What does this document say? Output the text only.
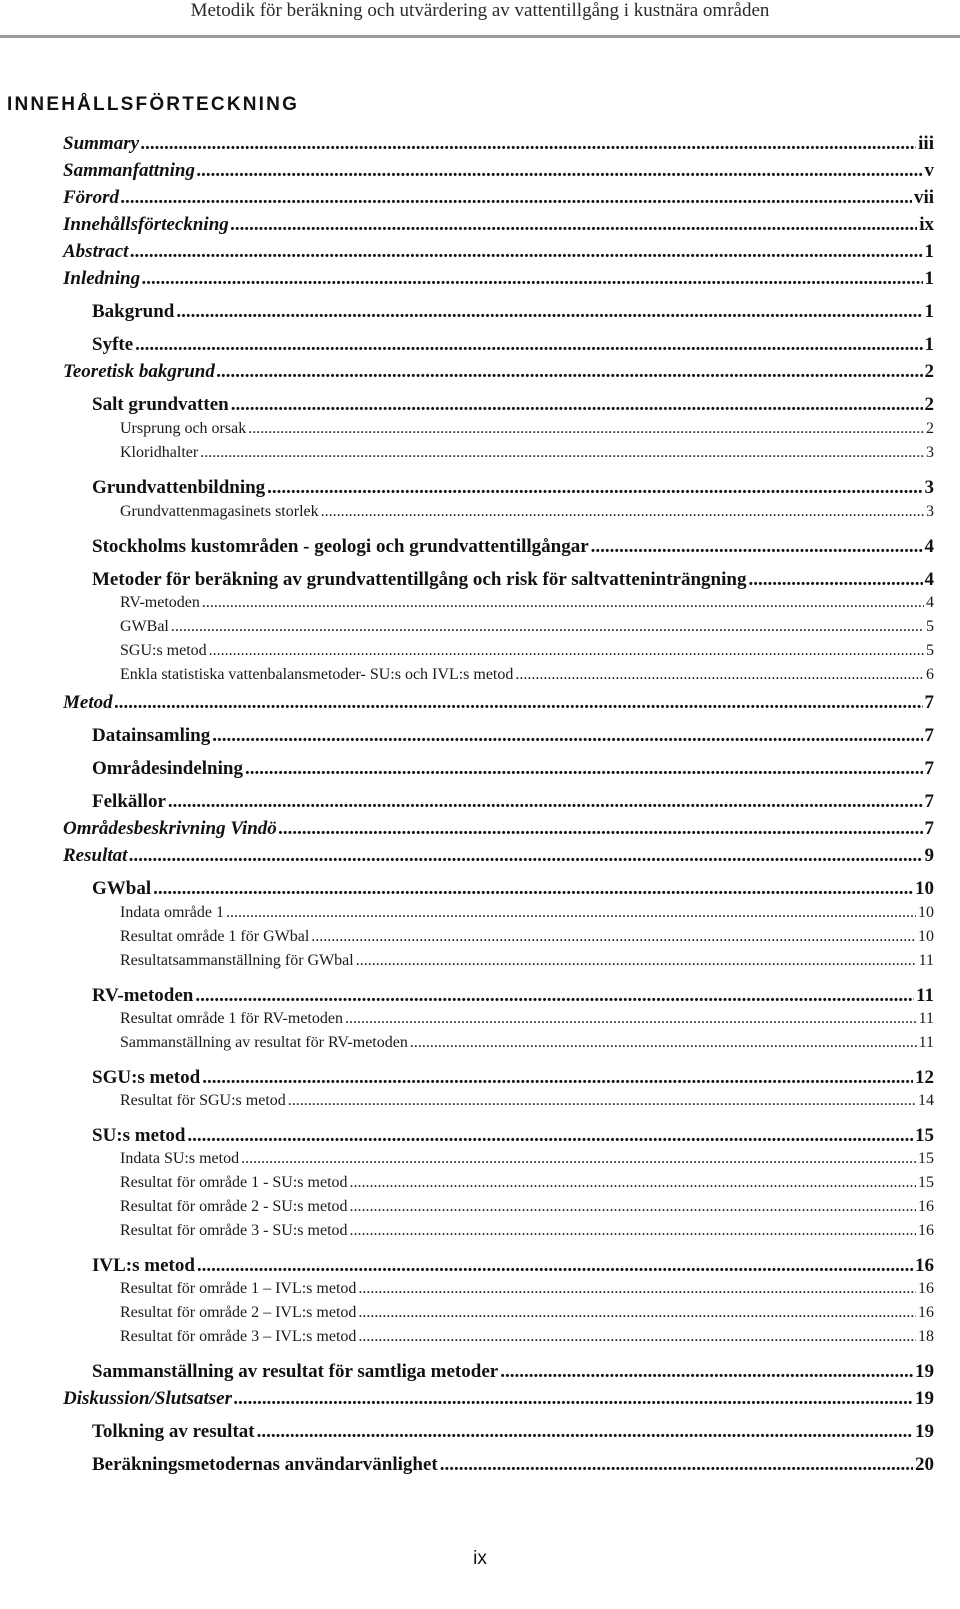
Metodik för beräkning och utvärdering av vattentillgång i kustnära områden
INNEHÅLLSFÖRTECKNING
Summary .....	iii
Sammanfattning .....	v
Förord .....	vii
Innehållsförteckning .....	ix
Abstract .....	1
Inledning .....	1
Bakgrund .....	1
Syfte .....	1
Teoretisk bakgrund .....	2
Salt grundvatten .....	2
Ursprung och orsak .....	2
Kloridhalter .....	3
Grundvattenbildning .....	3
Grundvattenmagasinets storlek .....	3
Stockholms kustområden - geologi och grundvattentillgångar .....	4
Metoder för beräkning av grundvattentillgång och risk för saltvatteninträngning .....	4
RV-metoden .....	4
GWBal .....	5
SGU:s metod .....	5
Enkla statistiska vattenbalansmetoder- SU:s och IVL:s metod .....	6
Metod .....	7
Datainsamling .....	7
Områdesindelning .....	7
Felkällor .....	7
Områdesbeskrivning Vindö .....	7
Resultat .....	9
GWbal .....	10
Indata område 1 .....	10
Resultat område 1 för GWbal .....	10
Resultatsammanställning för GWbal .....	11
RV-metoden .....	11
Resultat område 1 för RV-metoden .....	11
Sammanställning av resultat för RV-metoden .....	11
SGU:s metod .....	12
Resultat för SGU:s metod .....	14
SU:s metod .....	15
Indata SU:s metod .....	15
Resultat för område 1 - SU:s metod .....	15
Resultat för område 2 - SU:s metod .....	16
Resultat för område 3 - SU:s metod .....	16
IVL:s metod .....	16
Resultat för område 1 – IVL:s metod .....	16
Resultat för område 2 – IVL:s metod .....	16
Resultat för område 3 – IVL:s metod .....	18
Sammanställning av resultat för samtliga metoder .....	19
Diskussion/Slutsatser .....	19
Tolkning av resultat .....	19
Beräkningsmetodernas användarvänlighet .....	20
ix
